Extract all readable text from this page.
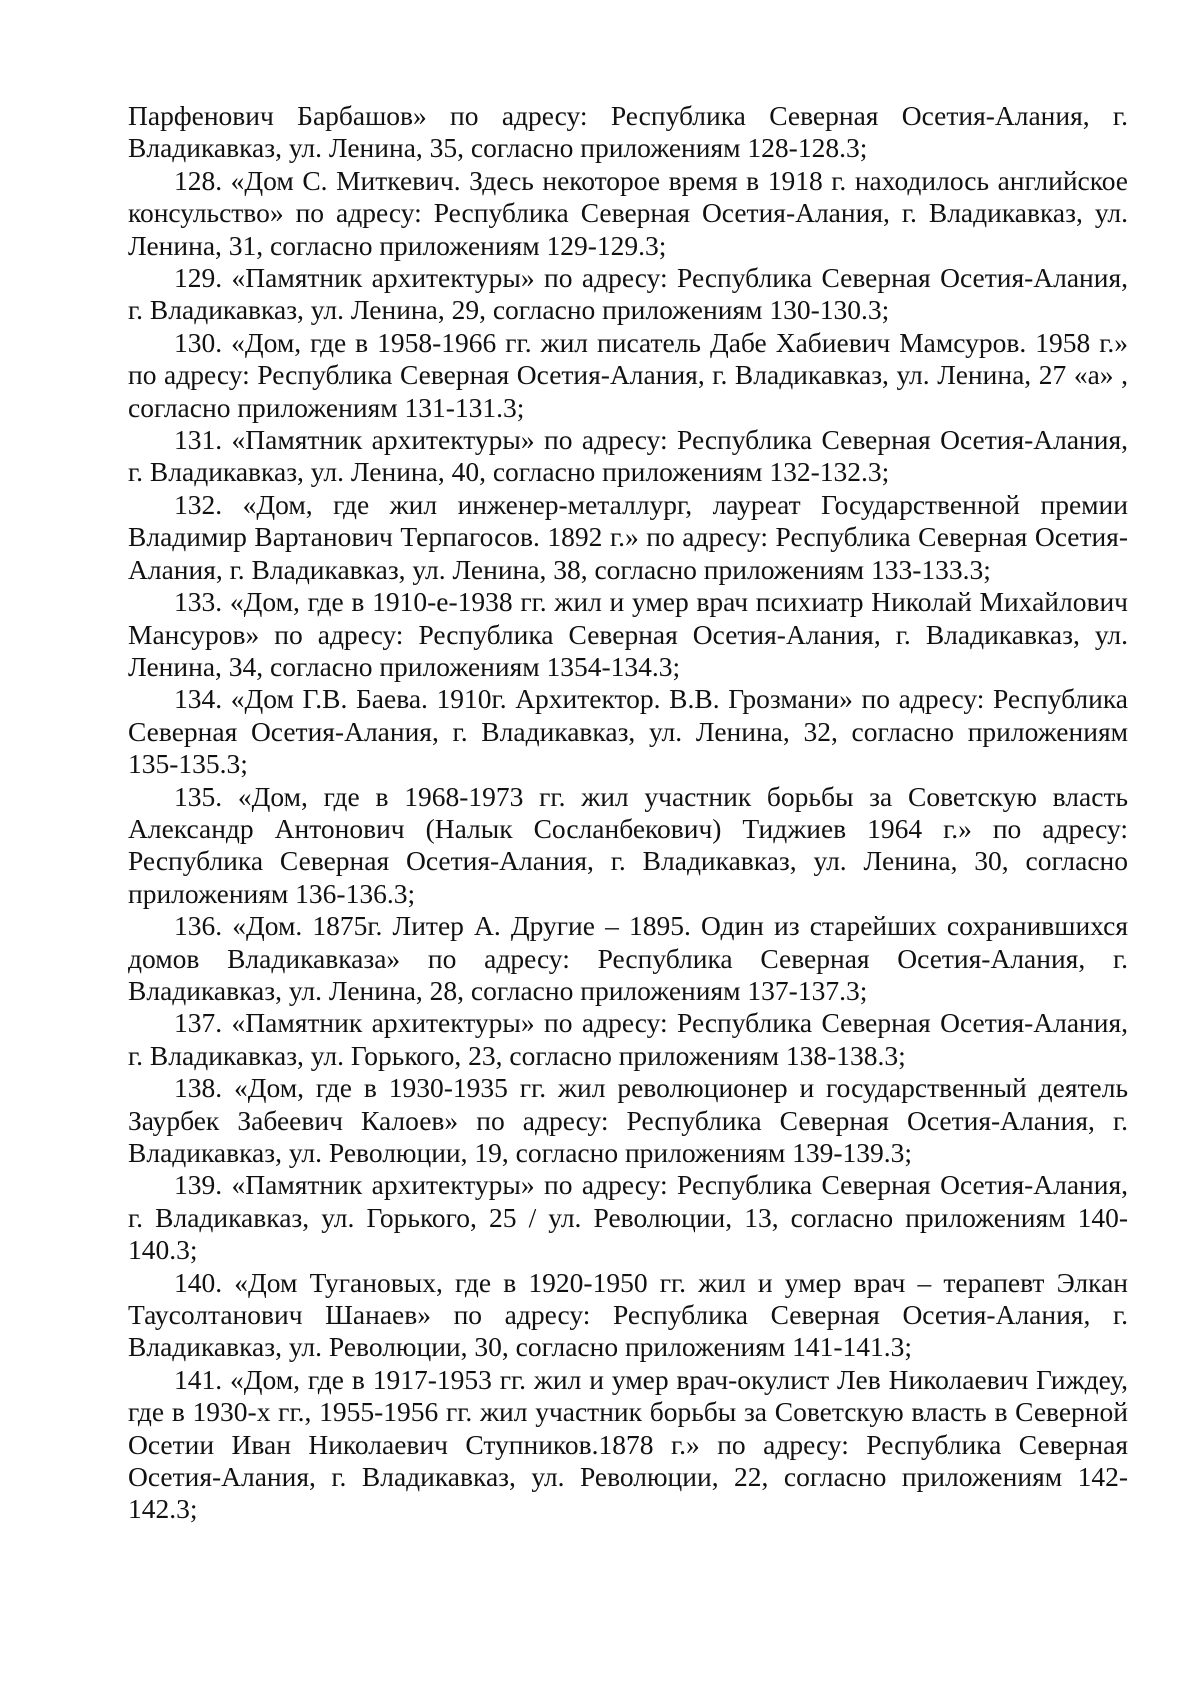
Парфенович Барбашов» по адресу: Республика Северная Осетия-Алания, г. Владикавказ, ул. Ленина, 35, согласно приложениям 128-128.3;

128. «Дом С. Миткевич. Здесь некоторое время в 1918 г. находилось английское консульство» по адресу: Республика Северная Осетия-Алания, г. Владикавказ, ул. Ленина, 31, согласно приложениям 129-129.3;

129. «Памятник архитектуры» по адресу: Республика Северная Осетия-Алания, г. Владикавказ, ул. Ленина, 29, согласно приложениям 130-130.3;

130. «Дом, где в 1958-1966 гг. жил писатель Дабе Хабиевич Мамсуров. 1958 г.» по адресу: Республика Северная Осетия-Алания, г. Владикавказ, ул. Ленина, 27 «а» , согласно приложениям 131-131.3;

131. «Памятник архитектуры» по адресу: Республика Северная Осетия-Алания, г. Владикавказ, ул. Ленина, 40, согласно приложениям 132-132.3;

132. «Дом, где жил инженер-металлург, лауреат Государственной премии Владимир Вартанович Терпагосов. 1892 г.» по адресу: Республика Северная Осетия-Алания, г. Владикавказ, ул. Ленина, 38, согласно приложениям 133-133.3;

133. «Дом, где в 1910-е-1938 гг. жил и умер врач психиатр Николай Михайлович Мансуров» по адресу: Республика Северная Осетия-Алания, г. Владикавказ, ул. Ленина, 34, согласно приложениям 1354-134.3;

134. «Дом Г.В. Баева. 1910г. Архитектор. В.В. Грозмани» по адресу: Республика Северная Осетия-Алания, г. Владикавказ, ул. Ленина, 32, согласно приложениям 135-135.3;

135. «Дом, где в 1968-1973 гг. жил участник борьбы за Советскую власть Александр Антонович (Налык Сосланбекович) Тиджиев 1964 г.» по адресу: Республика Северная Осетия-Алания, г. Владикавказ, ул. Ленина, 30, согласно приложениям 136-136.3;

136. «Дом. 1875г. Литер А. Другие – 1895. Один из старейших сохранившихся домов Владикавказа» по адресу: Республика Северная Осетия-Алания, г. Владикавказ, ул. Ленина, 28, согласно приложениям 137-137.3;

137. «Памятник архитектуры» по адресу: Республика Северная Осетия-Алания, г. Владикавказ, ул. Горького, 23, согласно приложениям 138-138.3;

138. «Дом, где в 1930-1935 гг. жил революционер и государственный деятель Заурбек Забеевич Калоев» по адресу: Республика Северная Осетия-Алания, г. Владикавказ, ул. Революции, 19, согласно приложениям 139-139.3;

139. «Памятник архитектуры» по адресу: Республика Северная Осетия-Алания, г. Владикавказ, ул. Горького, 25 / ул. Революции, 13, согласно приложениям 140-140.3;

140. «Дом Тугановых, где в 1920-1950 гг. жил и умер врач – терапевт Элкан Таусолтанович Шанаев» по адресу: Республика Северная Осетия-Алания, г. Владикавказ, ул. Революции, 30, согласно приложениям 141-141.3;

141. «Дом, где в 1917-1953 гг. жил и умер врач-окулист Лев Николаевич Гиждеу, где в 1930-х гг., 1955-1956 гг. жил участник борьбы за Советскую власть в Северной Осетии Иван Николаевич Ступников.1878 г.» по адресу: Республика Северная Осетия-Алания, г. Владикавказ, ул. Революции, 22, согласно приложениям 142-142.3;
